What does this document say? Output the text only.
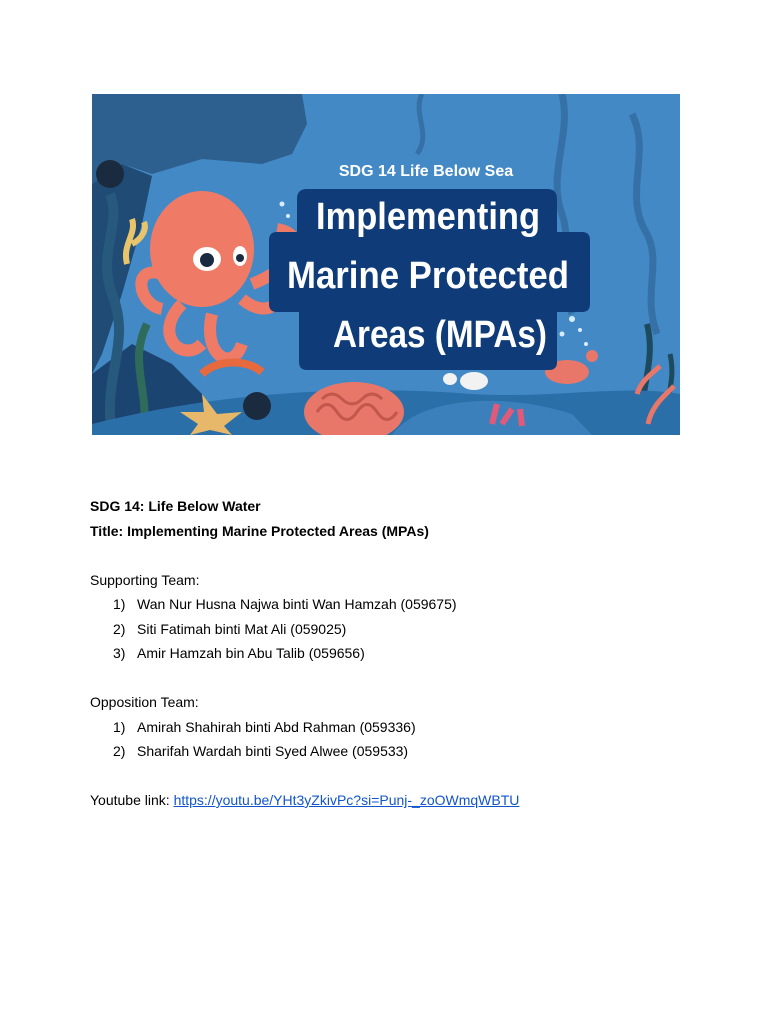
SDG 14 Life Below Sea
Implementing
Marine Protected
Areas (MPAs)
SDG 14: Life Below Water
Title: Implementing Marine Protected Areas (MPAs)
Supporting Team:
1) Wan Nur Husna Najwa binti Wan Hamzah (059675)
2) Siti Fatimah binti Mat Ali (059025)
3) Amir Hamzah bin Abu Talib (059656)
Opposition Team:
1) Amirah Shahirah binti Abd Rahman (059336)
2) Sharifah Wardah binti Syed Alwee (059533)
Youtube link: https://youtu.be/YHt3yZkivPc?si=Punj-_zoOWmqWBTU
